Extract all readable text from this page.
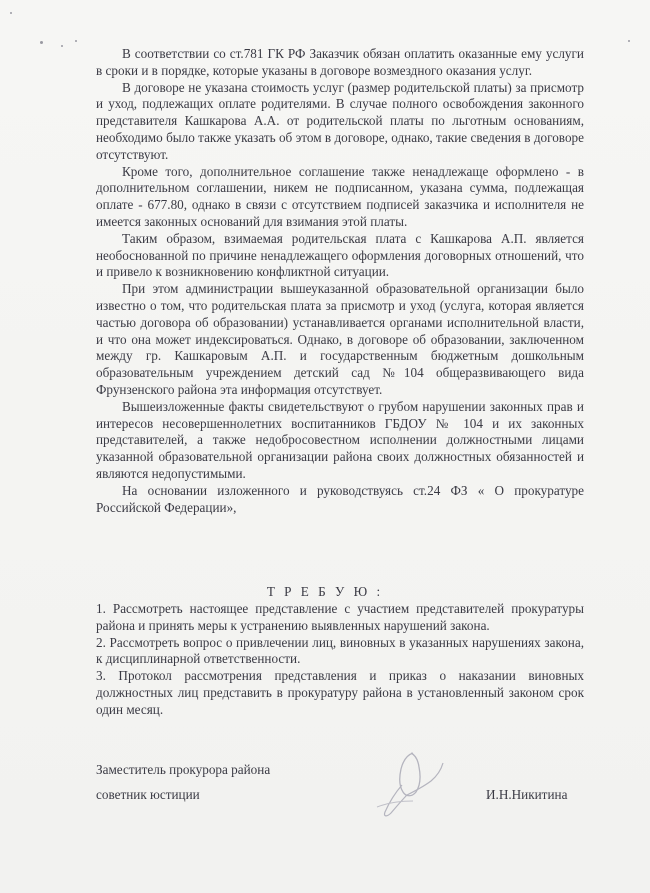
В соответствии со ст.781 ГК РФ Заказчик обязан оплатить оказанные ему услуги в сроки и в порядке, которые указаны в договоре возмездного оказания услуг.

В договоре не указана стоимость услуг (размер родительской платы) за присмотр и уход, подлежащих оплате родителями. В случае полного освобождения законного представителя Кашкарова А.А. от родительской платы по льготным основаниям, необходимо было также указать об этом в договоре, однако, такие сведения в договоре отсутствуют.

Кроме того, дополнительное соглашение также ненадлежаще оформлено - в дополнительном соглашении, никем не подписанном, указана сумма, подлежащая оплате - 677.80, однако в связи с отсутствием подписей заказчика и исполнителя не имеется законных оснований для взимания этой платы.

Таким образом, взимаемая родительская плата с Кашкарова А.П. является необоснованной по причине ненадлежащего оформления договорных отношений, что и привело к возникновению конфликтной ситуации.

При этом администрации вышеуказанной образовательной организации было известно о том, что родительская плата за присмотр и уход (услуга, которая является частью договора об образовании) устанавливается органами исполнительной власти, и что она может индексироваться. Однако, в договоре об образовании, заключенном между гр. Кашкаровым А.П. и государственным бюджетным дошкольным образовательным учреждением детский сад №104 общеразвивающего вида Фрунзенского района эта информация отсутствует.

Вышеизложенные факты свидетельствуют о грубом нарушении законных прав и интересов несовершеннолетних воспитанников ГБДОУ № 104 и их законных представителей, а также недобросовестном исполнении должностными лицами указанной образовательной организации района своих должностных обязанностей и являются недопустимыми.

На основании изложенного и руководствуясь ст.24 ФЗ « О прокуратуре Российской Федерации»,

Т Р Е Б У Ю :

1. Рассмотреть настоящее представление с участием представителей прокуратуры района и принять меры к устранению выявленных нарушений закона.

2. Рассмотреть вопрос о привлечении лиц, виновных в указанных нарушениях закона, к дисциплинарной ответственности.

3. Протокол рассмотрения представления и приказ о наказании виновных должностных лиц представить в прокуратуру района в установленный законом срок один месяц.

Заместитель прокурора района
советник юстиции	И.Н.Никитина
